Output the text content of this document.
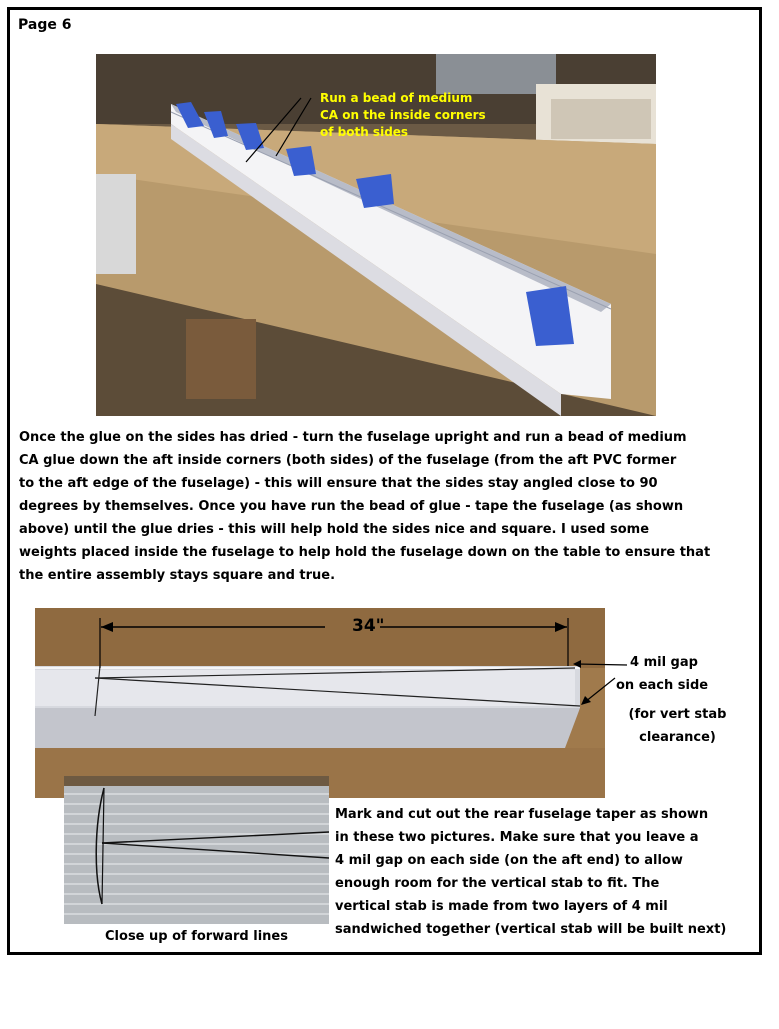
Page 6
Run a bead of medium
CA on the inside corners
of both sides
Once the glue on the sides has dried - turn the fuselage upright and run a bead of medium
CA glue down the aft inside corners (both sides) of the fuselage (from the aft PVC former
to the aft edge of the fuselage) - this will ensure that the sides stay angled close to 90
degrees by themselves. Once you have run the bead of glue - tape the fuselage (as shown
above) until the glue dries - this will help hold the sides nice and square. I used some
weights placed inside the fuselage to help hold the fuselage down on the table to ensure that
the entire assembly stays square and true.
34"
4 mil gap
on each side
(for vert stab
clearance)
Close up of forward lines
Mark and cut out the rear fuselage taper as shown
in these two pictures. Make sure that you leave a
4 mil gap on each side (on the aft end) to allow
enough room for the vertical stab to fit. The
vertical stab is made from two layers of 4 mil
sandwiched together (vertical stab will be built next)
